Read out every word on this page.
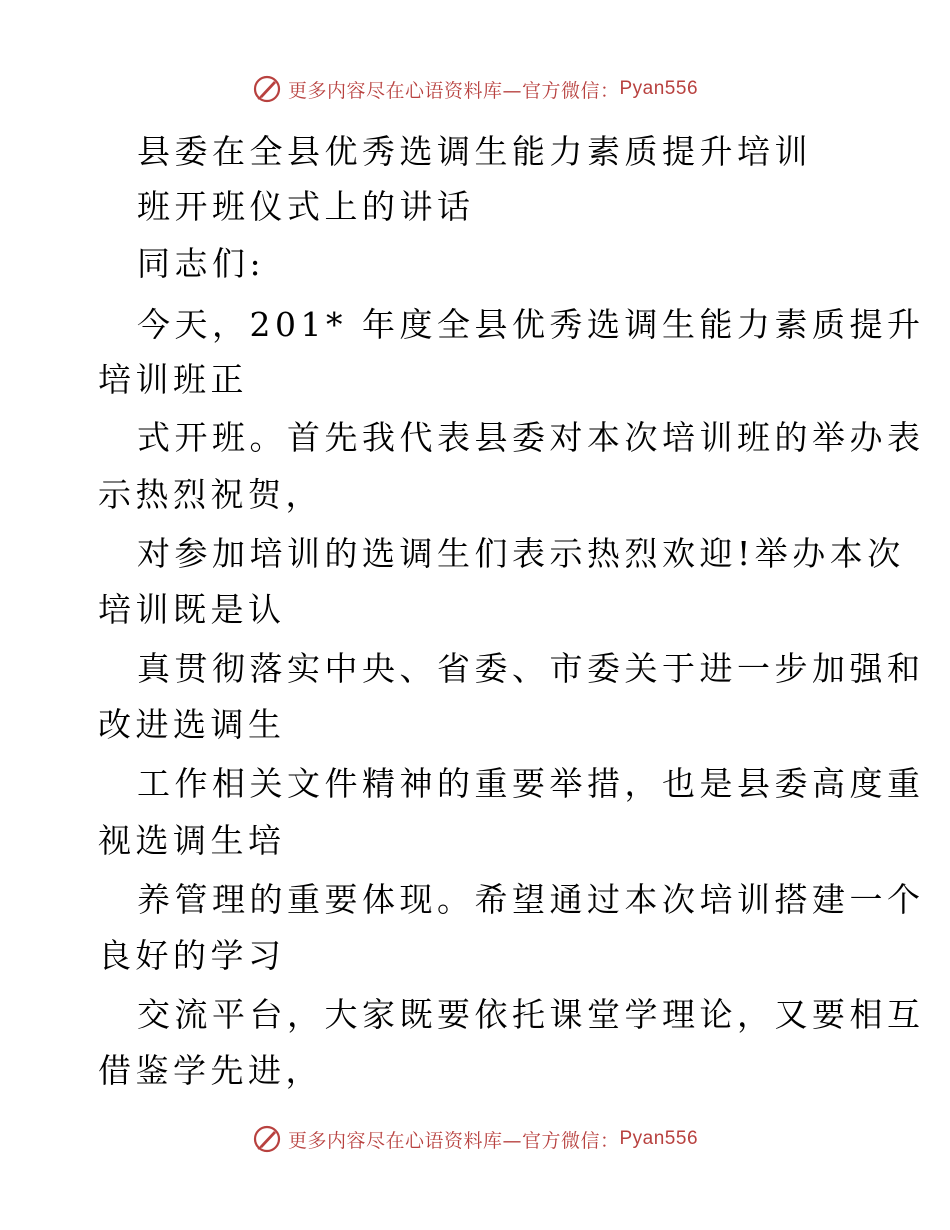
更多内容尽在心语资料库—官方微信： Pyan556
县委在全县优秀选调生能力素质提升培训
班开班仪式上的讲话
同志们:
今天，201* 年度全县优秀选调生能力素质提升
培训班正
式开班。首先我代表县委对本次培训班的举办表
示热烈祝贺，
对参加培训的选调生们表示热烈欢迎!举办本次
培训既是认
真贯彻落实中央、省委、市委关于进一步加强和
改进选调生
工作相关文件精神的重要举措，也是县委高度重
视选调生培
养管理的重要体现。希望通过本次培训搭建一个
良好的学习
交流平台，大家既要依托课堂学理论，又要相互
借鉴学先进，
更多内容尽在心语资料库—官方微信： Pyan556
